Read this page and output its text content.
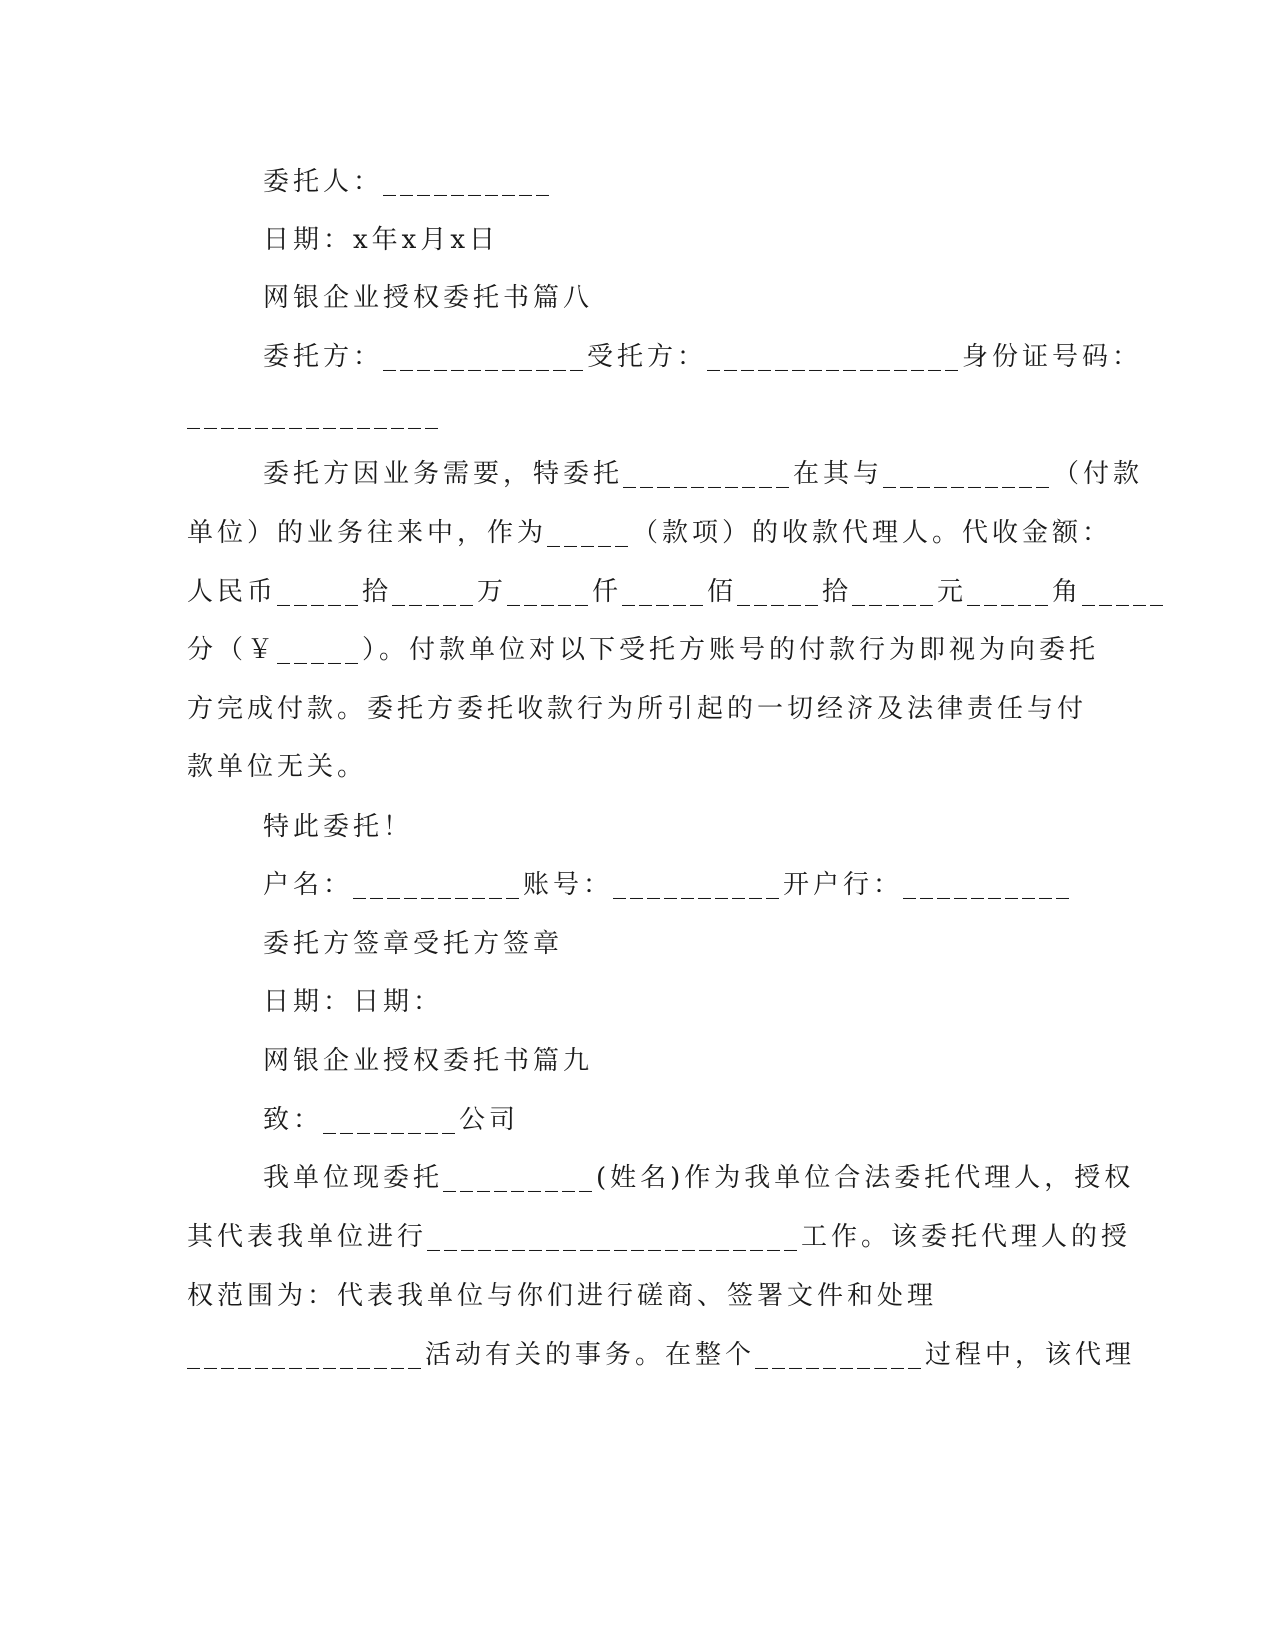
委托人：__________
日期：x年x月x日
网银企业授权委托书篇八
委托方：____________受托方：_______________身份证号码：
_______________
委托方因业务需要，特委托__________在其与__________（付款
单位）的业务往来中，作为_____（款项）的收款代理人。代收金额：
人民币_____拾_____万_____仟_____佰_____拾_____元_____角_____
分（￥_____）。付款单位对以下受托方账号的付款行为即视为向委托
方完成付款。委托方委托收款行为所引起的一切经济及法律责任与付
款单位无关。
特此委托！
户名：__________账号：__________开户行：__________
委托方签章受托方签章
日期：日期：
网银企业授权委托书篇九
致：________公司
我单位现委托_________(姓名)作为我单位合法委托代理人，授权
其代表我单位进行______________________工作。该委托代理人的授
权范围为：代表我单位与你们进行磋商、签署文件和处理
______________活动有关的事务。在整个__________过程中，该代理
